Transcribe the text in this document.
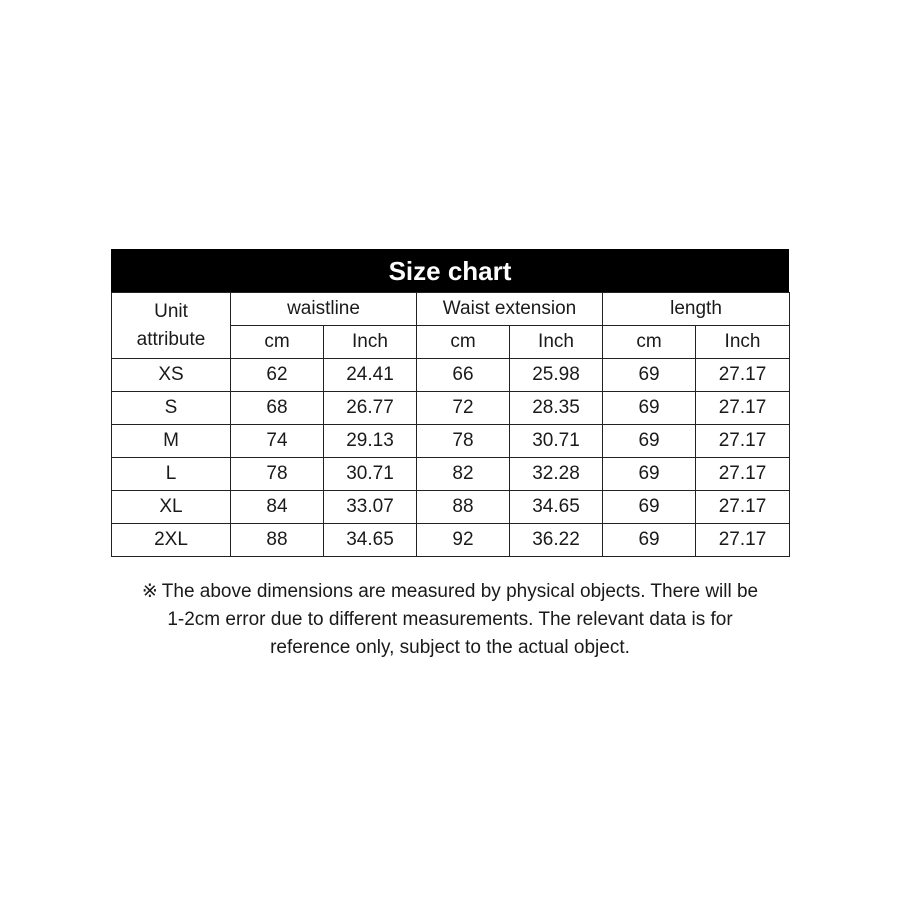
Size chart
Unit
attribute	waistline		Waist extension		length	
	cm	Inch	cm	Inch	cm	Inch
XS	62	24.41	66	25.98	69	27.17
S	68	26.77	72	28.35	69	27.17
M	74	29.13	78	30.71	69	27.17
L	78	30.71	82	32.28	69	27.17
XL	84	33.07	88	34.65	69	27.17
2XL	88	34.65	92	36.22	69	27.17
※ The above dimensions are measured by physical objects. There will be
1-2cm error due to different measurements. The relevant data is for
reference only, subject to the actual object.
